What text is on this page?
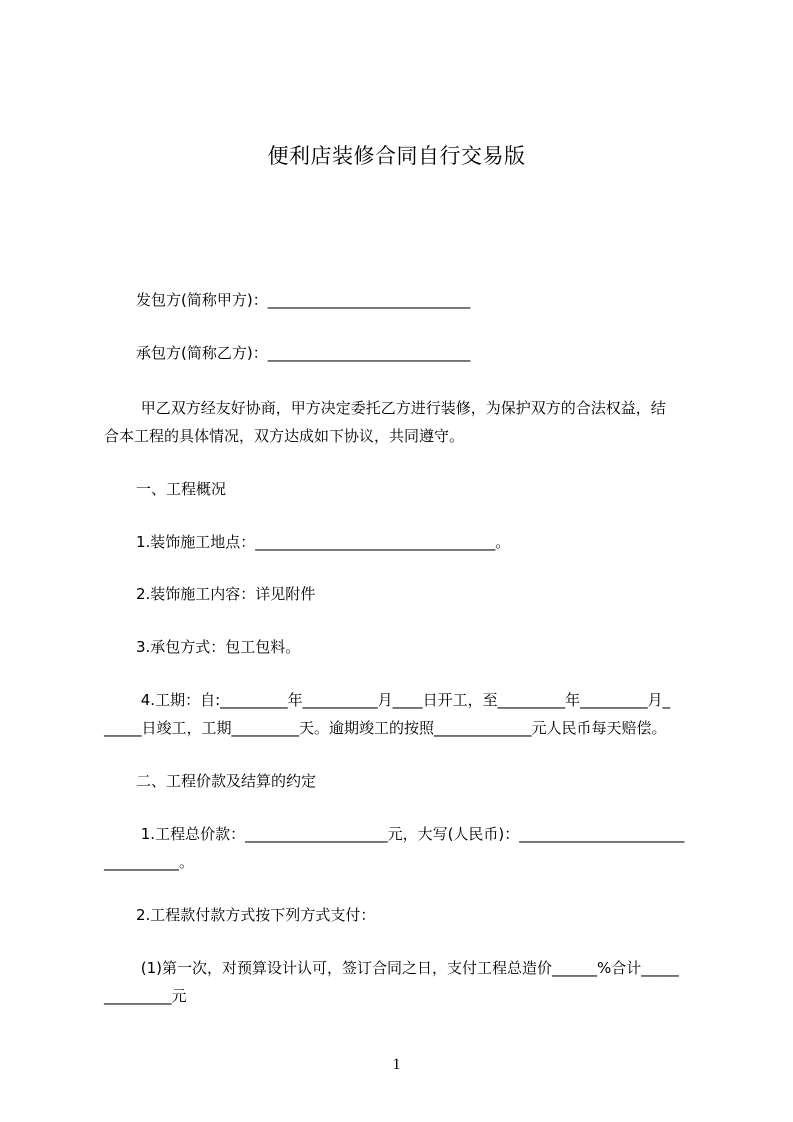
便利店装修合同自行交易版
发包方(简称甲方)：___________________________
承包方(简称乙方)：___________________________
甲乙双方经友好协商，甲方决定委托乙方进行装修，为保护双方的合法权益，结
合本工程的具体情况，双方达成如下协议，共同遵守。
一、工程概况
1.装饰施工地点：________________________________。
2.装饰施工内容：详见附件
3.承包方式：包工包料。
4.工期：自:_________年__________月____日开工，至_________年_________月_
_____日竣工，工期_________天。逾期竣工的按照_____________元人民币每天赔偿。
二、工程价款及结算的约定
1.工程总价款：___________________元，大写(人民币)：______________________
__________。
2.工程款付款方式按下列方式支付：
(1)第一次，对预算设计认可，签订合同之日，支付工程总造价______%合计_____
_________元
1
